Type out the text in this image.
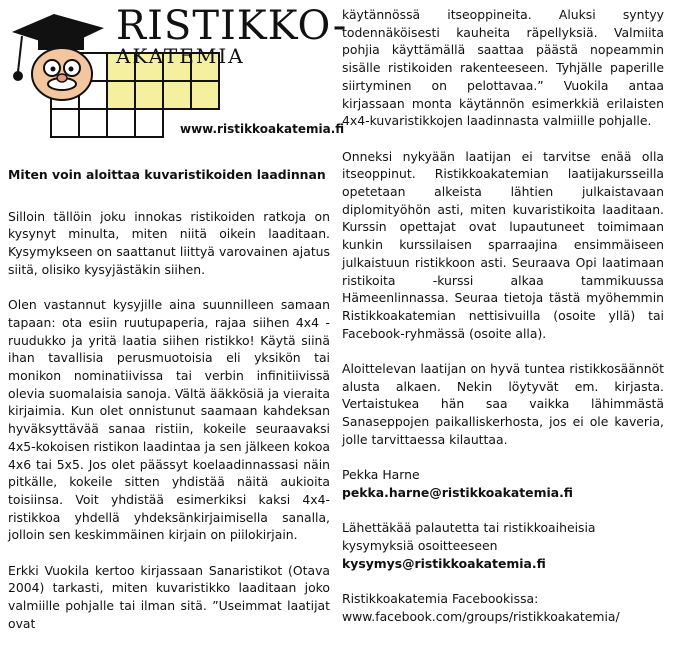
RISTIKKO-
AKATEMIA
www.ristikkoakatemia.fi

Miten voin aloittaa kuvaristikoiden laadinnan

Silloin tällöin joku innokas ristikoiden ratkoja on kysynyt minulta, miten niitä oikein laaditaan. Kysymykseen on saattanut liittyä varovainen ajatus siitä, olisiko kysyjästäkin siihen.

Olen vastannut kysyjille aina suunnilleen samaan tapaan: ota esiin ruutupaperia, rajaa siihen 4x4 -ruudukko ja yritä laatia siihen ristikko! Käytä siinä ihan tavallisia perusmuotoisia eli yksikön tai monikon nominatiivissa tai verbin infinitiivissä olevia suomalaisia sanoja. Vältä ääkkösiä ja vieraita kirjaimia. Kun olet onnistunut saamaan kahdeksan hyväksyttävää sanaa ristiin, kokeile seuraavaksi 4x5-kokoisen ristikon laadintaa ja sen jälkeen kokoa 4x6 tai 5x5. Jos olet päässyt koelaadinnassasi näin pitkälle, kokeile sitten yhdistää näitä aukioita toisiinsa. Voit yhdistää esimerkiksi kaksi 4x4-ristikkoa yhdellä yhdeksänkirjaimisella sanalla, jolloin sen keskimmäinen kirjain on piilokirjain.

Erkki Vuokila kertoo kirjassaan Sanaristikot (Otava 2004) tarkasti, miten kuvaristikko laaditaan joko valmiille pohjalle tai ilman sitä. ”Useimmat laatijat ovat

käytännössä itseoppineita. Aluksi syntyy todennäköisesti kauheita räpellyksiä. Valmiita pohjia käyttämällä saattaa päästä nopeammin sisälle ristikoiden rakenteeseen. Tyhjälle paperille siirtyminen on pelottavaa.” Vuokila antaa kirjassaan monta käytännön esimerkkiä erilaisten 4x4-kuvaristikkojen laadinnasta valmiille pohjalle.

Onneksi nykyään laatijan ei tarvitse enää olla itseoppinut. Ristikkoakatemian laatijakursseilla opetetaan alkeista lähtien julkaistavaan diplomityöhön asti, miten kuvaristikoita laaditaan. Kurssin opettajat ovat lupautuneet toimimaan kunkin kurssilaisen sparraajina ensimmäiseen julkaistuun ristikkoon asti. Seuraava Opi laatimaan ristikoita -kurssi alkaa tammikuussa Hämeenlinnassa. Seuraa tietoja tästä myöhemmin Ristikkoakatemian nettisivuilla (osoite yllä) tai Facebook-ryhmässä (osoite alla).

Aloittelevan laatijan on hyvä tuntea ristikkosäännöt alusta alkaen. Nekin löytyvät em. kirjasta. Vertaistukea hän saa vaikka lähimmästä Sanaseppojen paikalliskerhosta, jos ei ole kaveria, jolle tarvittaessa kilauttaa.

Pekka Harne
pekka.harne@ristikkoakatemia.fi

Lähettäkää palautetta tai ristikkoaiheisia kysymyksiä osoitteeseen kysymys@ristikkoakatemia.fi

Ristikkoakatemia Facebookissa:
www.facebook.com/groups/ristikkoakatemia/
